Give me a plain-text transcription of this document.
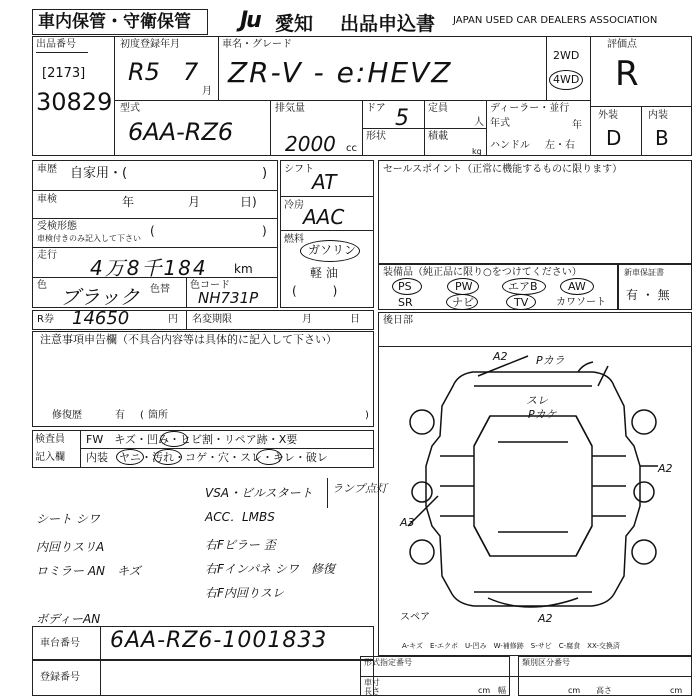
車内保管・守衛保管 Ju 愛知 出品申込書 JAPAN USED CAR DEALERS ASSOCIATION
出品番号
[2173]
30829
初度登録年月
R5 7
月
車名・グレード
ZR-V - e:HEVZ
2WD
4WD
評価点
R
外装	内装
D B
型式
6AA-RZ6
排気量
2000 cc
ドア 5 定員
人
形状	積載
kg
ディーラー・並行
年式	年
ハンドル 左・右
車歴 自家用・(	)
車検	年	月	日)
受検形態
車検付きのみ記入して下さい
(	)
走行
4万8千184 km
色 ブラック 色替 色コード
NH731P
シフト
AT
冷房 AAC
燃料
ガソリン
軽 油
(　　　)
セールスポイント（正常に機能するものに限ります）
装備品（純正品に限り○をつけてください）
PS	PW	エアB	AW
SR	ナビ	TV	カワソート
新車保証書
有 ・ 無
R券 14650	円 名変期限	月	日
注意事項申告欄（不具合内容等は具体的に記入して下さい）
修復歴	有 ( 箇所	)
後日部
A2	Pカラ
スレ
Pカケ
A2
A3
A2
スペア
A-キズ　E-エクボ　U-凹み　W-補修跡　S-サビ　C-腐食　XX-交換済
検査員
記入欄
FW　キズ・凹み・ヒビ割・リペア跡・X要
内装　ヤニ・汚れ・コゲ・穴・スレ・キレ・破レ
VSA・ビルスタート ランプ点灯
シート シワ	ACC．LMBS
内回りスリA	右Fピラー 歪
ロミラー AN　キズ	右Fインパネ シワ　修復
右F内回りスレ
ボディーAN
車台番号 6AA-RZ6-1001833
登録番号
形式指定番号	類別区分番号
車寸
長さ	cm 幅	cm 高さ	cm
